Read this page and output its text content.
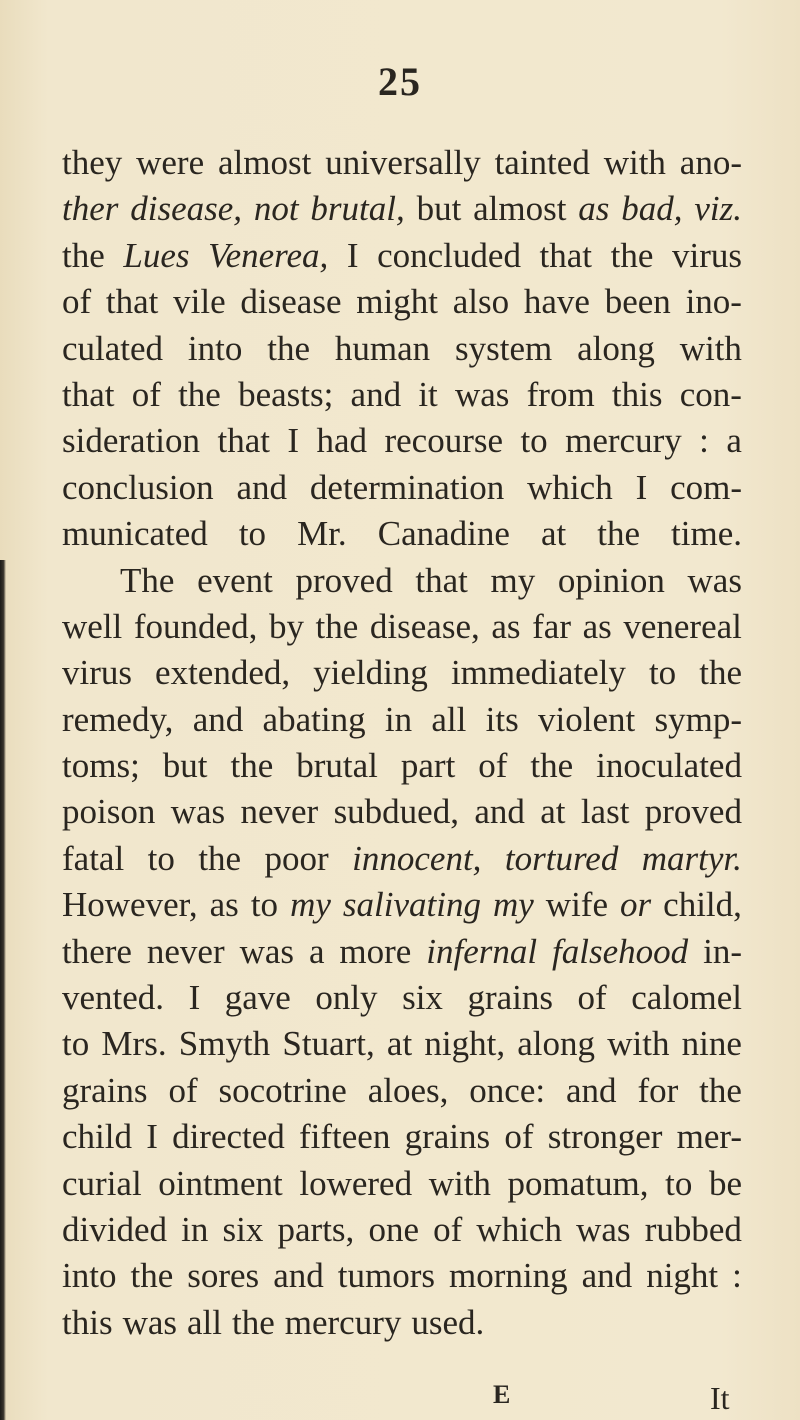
25
they were almost universally tainted with ano-
ther disease, not brutal, but almost as bad, viz.
the Lues Venerea, I concluded that the virus
of that vile disease might also have been ino-
culated into the human system along with
that of the beasts; and it was from this con-
sideration that I had recourse to mercury : a
conclusion and determination which I com-
municated to Mr. Canadine at the time.
The event proved that my opinion was
well founded, by the disease, as far as venereal
virus extended, yielding immediately to the
remedy, and abating in all its violent symp-
toms; but the brutal part of the inoculated
poison was never subdued, and at last proved
fatal to the poor innocent, tortured martyr.
However, as to my salivating my wife or child,
there never was a more infernal falsehood in-
vented. I gave only six grains of calomel
to Mrs. Smyth Stuart, at night, along with nine
grains of socotrine aloes, once: and for the
child I directed fifteen grains of stronger mer-
curial ointment lowered with pomatum, to be
divided in six parts, one of which was rubbed
into the sores and tumors morning and night :
this was all the mercury used.
E	It
